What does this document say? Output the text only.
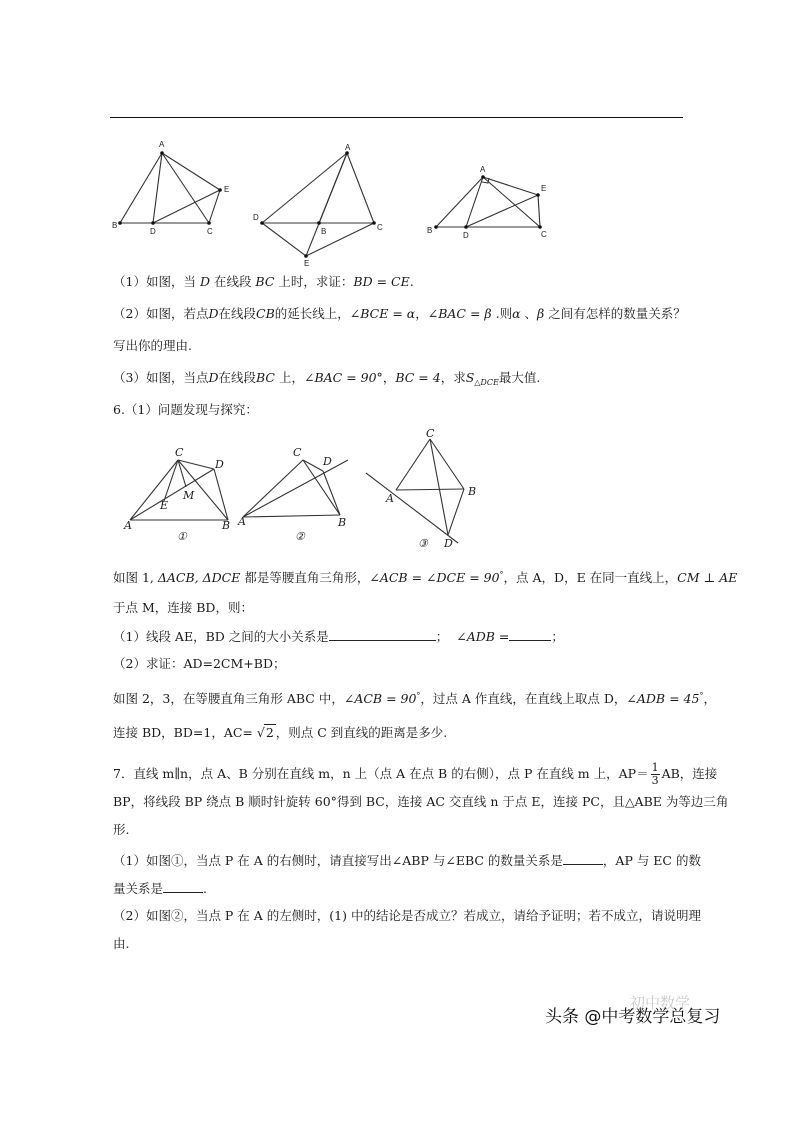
A
B
D	C
E
A
D
B	C
E
A
B
D	C
E
（1）如图，当 D 在线段 BC 上时，求证：BD = CE.
（2）如图，若点D在线段CB的延长线上，∠BCE = α，∠BAC = β .则α 、β 之间有怎样的数量关系？
写出你的理由.
（3）如图，当点D在线段BC 上，∠BAC = 90°，BC = 4，求$S_{\triangle DCE}$最大值.
6.（1）问题发现与探究：
C
D
M
E
A	B
①
C
D
A	B
②
C
A
B
D
③
如图 1, ΔACB, ΔDCE 都是等腰直角三角形，∠ACB = ∠DCE = 90°，点 A，D，E 在同一直线上，CM ⊥ AE
于点 M，连接 BD，则：
（1）线段 AE，BD 之间的大小关系是	； ∠ADB =	；
（2）求证：AD=2CM+BD；
如图 2，3，在等腰直角三角形 ABC 中，∠ACB = 90°，过点 A 作直线，在直线上取点 D，∠ADB = 45°，
连接 BD，BD=1，AC= √2 ，则点 C 到直线的距离是多少.
7．直线 m∥n，点 A、B 分别在直线 m，n 上（点 A 在点 B 的右侧），点 P 在直线 m 上，$AP= \frac{1}{3}$ AB，连接
BP，将线段 BP 绕点 B 顺时针旋转 60°得到 BC，连接 AC 交直线 n 于点 E，连接 PC，且△ABE 为等边三角
形.
（1）如图①，当点 P 在 A 的右侧时，请直接写出∠ABP 与∠EBC 的数量关系是	，AP 与 EC 的数
量关系是	.
（2）如图②，当点 P 在 A 的左侧时，(1) 中的结论是否成立？若成立，请给予证明；若不成立，请说明理
由.
初中数学
头条 @中考数学总复习
